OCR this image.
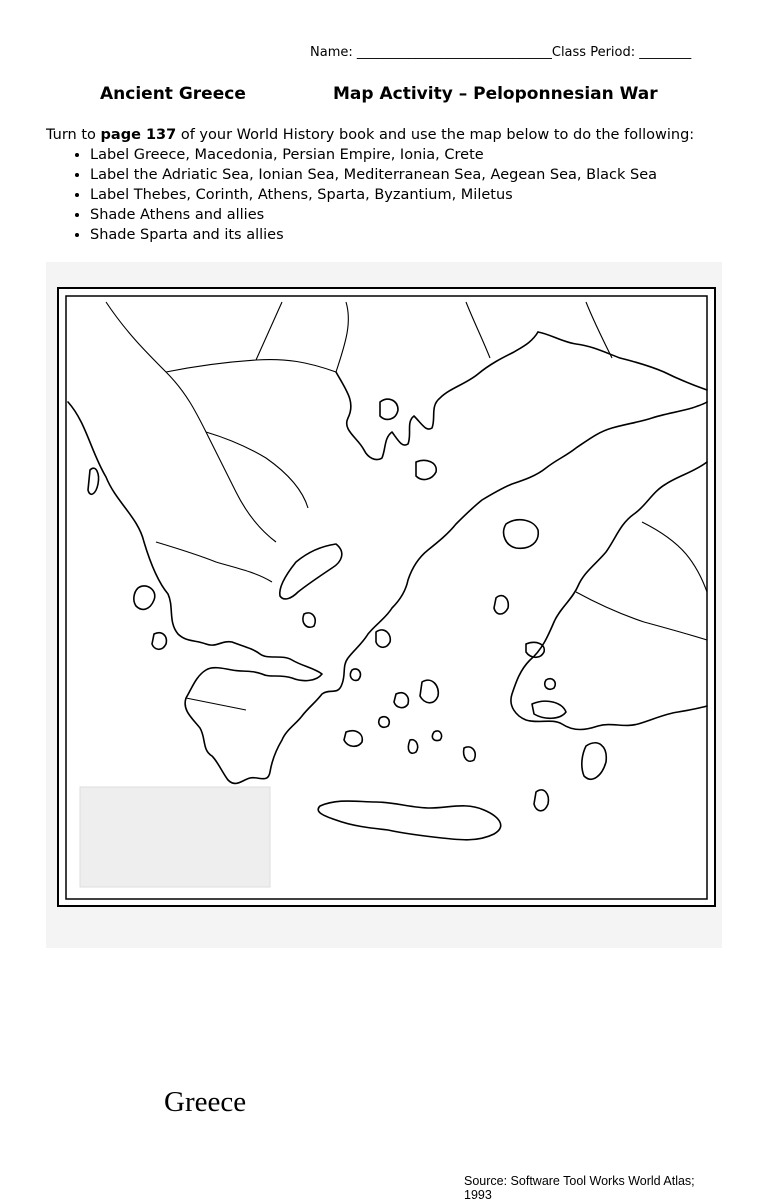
Name: ______________________________Class Period: ________
Ancient Greece	Map Activity – Peloponnesian War

Turn to page 137 of your World History book and use the map below to do the following:

• Label Greece, Macedonia, Persian Empire, Ionia, Crete
• Label the Adriatic Sea, Ionian Sea, Mediterranean Sea, Aegean Sea, Black Sea
• Label Thebes, Corinth, Athens, Sparta, Byzantium, Miletus
• Shade Athens and allies
• Shade Sparta and its allies
Greece
Source: Software Tool Works World Atlas; 1993
